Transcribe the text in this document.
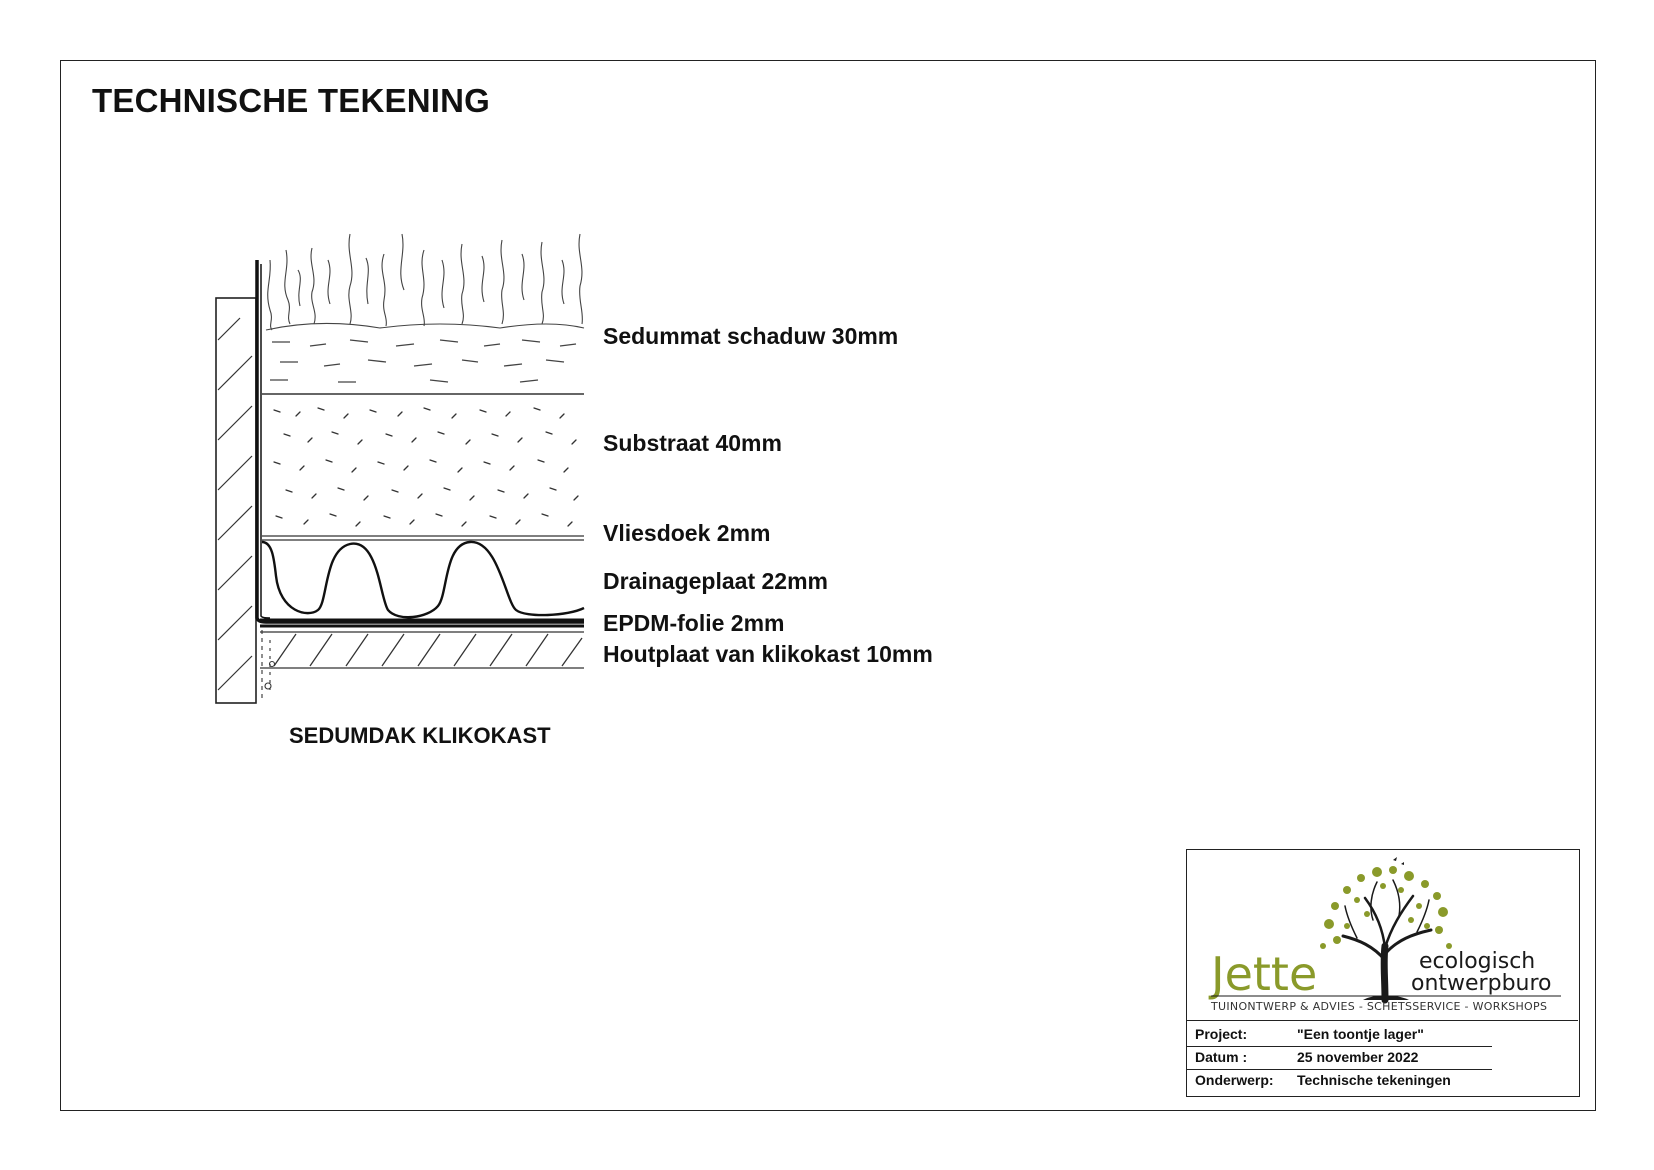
TECHNISCHE TEKENING
Sedummat schaduw 30mm
Substraat 40mm
Vliesdoek 2mm
Drainageplaat 22mm
EPDM-folie 2mm
Houtplaat van klikokast 10mm
SEDUMDAK KLIKOKAST
Jette	ecologisch
ontwerpburo
TUINONTWERP & ADVIES - SCHETSSERVICE - WORKSHOPS
Project:	"Een toontje lager"
Datum :	25 november 2022
Onderwerp: Technische tekeningen
